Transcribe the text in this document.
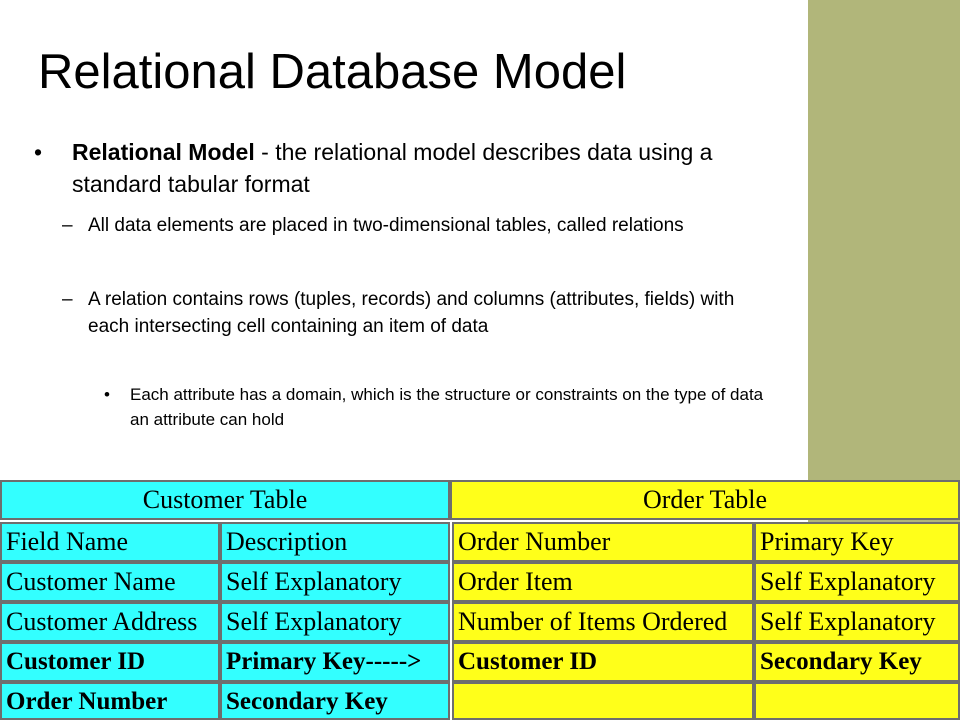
Relational Database Model
• Relational Model - the relational model describes data using a standard tabular format
– All data elements are placed in two-dimensional tables, called relations
– A relation contains rows (tuples, records) and columns (attributes, fields) with each intersecting cell containing an item of data
• Each attribute has a domain, which is the structure or constraints on the type of data an attribute can hold
Customer Table	Order Table
Field Name	Description	Order Number	Primary Key
Customer Name	Self Explanatory	Order Item	Self Explanatory
Customer Address	Self Explanatory	Number of Items Ordered	Self Explanatory
Customer ID	Primary Key----->	Customer ID	Secondary Key
Order Number	Secondary Key
